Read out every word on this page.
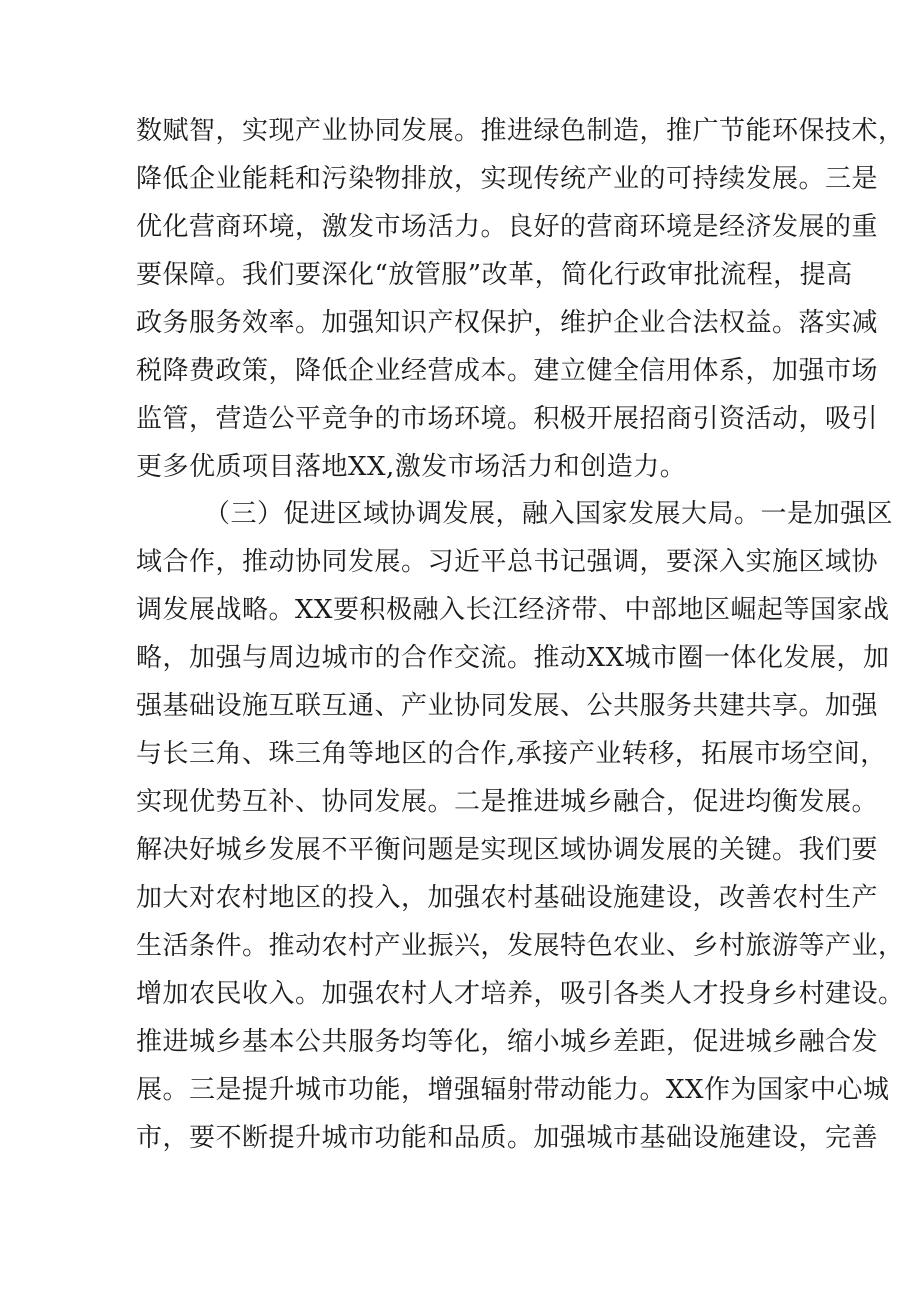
数赋智，实现产业协同发展。推进绿色制造，推广节能环保技术，
降低企业能耗和污染物排放，实现传统产业的可持续发展。三是
优化营商环境，激发市场活力。良好的营商环境是经济发展的重
要保障。我们要深化“放管服”改革，简化行政审批流程，提高
政务服务效率。加强知识产权保护，维护企业合法权益。落实减
税降费政策，降低企业经营成本。建立健全信用体系，加强市场
监管，营造公平竞争的市场环境。积极开展招商引资活动，吸引
更多优质项目落地XX,激发市场活力和创造力。
（三）促进区域协调发展，融入国家发展大局。一是加强区
域合作，推动协同发展。习近平总书记强调，要深入实施区域协
调发展战略。XX要积极融入长江经济带、中部地区崛起等国家战
略，加强与周边城市的合作交流。推动XX城市圈一体化发展，加
强基础设施互联互通、产业协同发展、公共服务共建共享。加强
与长三角、珠三角等地区的合作,承接产业转移，拓展市场空间，
实现优势互补、协同发展。二是推进城乡融合，促进均衡发展。
解决好城乡发展不平衡问题是实现区域协调发展的关键。我们要
加大对农村地区的投入，加强农村基础设施建设，改善农村生产
生活条件。推动农村产业振兴，发展特色农业、乡村旅游等产业，
增加农民收入。加强农村人才培养，吸引各类人才投身乡村建设。
推进城乡基本公共服务均等化，缩小城乡差距，促进城乡融合发
展。三是提升城市功能，增强辐射带动能力。XX作为国家中心城
市，要不断提升城市功能和品质。加强城市基础设施建设，完善
